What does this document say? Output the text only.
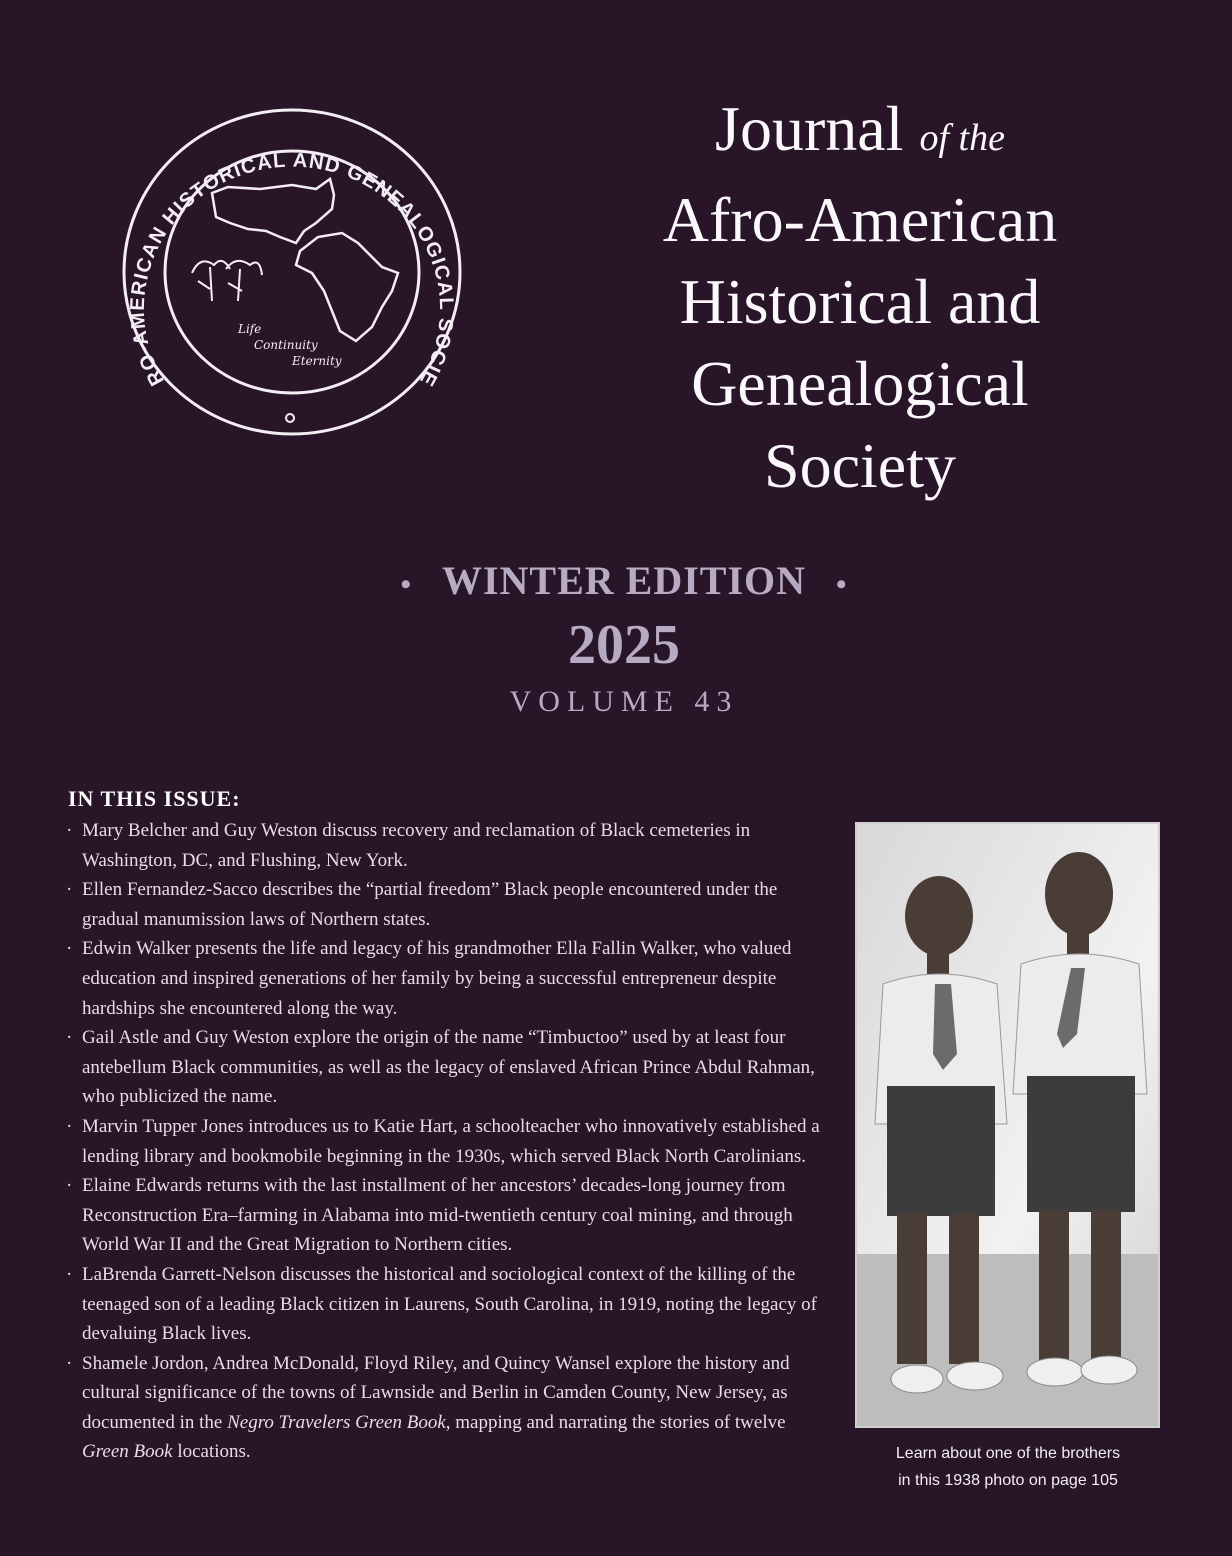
RO-AMERICAN HISTORICAL AND GENEALOGICAL SOCIE
Life
Continuity
Eternity
Journal of the
Afro-American
Historical and
Genealogical
Society
• WINTER EDITION •
2025
VOLUME 43
IN THIS ISSUE:
· Mary Belcher and Guy Weston discuss recovery and reclamation of Black cemeteries in Washington, DC, and Flushing, New York.
· Ellen Fernandez-Sacco describes the “partial freedom” Black people encountered under the gradual manumission laws of Northern states.
· Edwin Walker presents the life and legacy of his grandmother Ella Fallin Walker, who valued education and inspired generations of her family by being a successful entrepreneur despite hardships she encountered along the way.
· Gail Astle and Guy Weston explore the origin of the name “Timbuctoo” used by at least four antebellum Black communities, as well as the legacy of enslaved African Prince Abdul Rahman, who publicized the name.
· Marvin Tupper Jones introduces us to Katie Hart, a schoolteacher who innovatively established a lending library and bookmobile beginning in the 1930s, which served Black North Carolinians.
· Elaine Edwards returns with the last installment of her ancestors’ decades-long journey from Reconstruction Era–farming in Alabama into mid-twentieth century coal mining, and through World War II and the Great Migration to Northern cities.
· LaBrenda Garrett-Nelson discusses the historical and sociological context of the killing of the teenaged son of a leading Black citizen in Laurens, South Carolina, in 1919, noting the legacy of devaluing Black lives.
· Shamele Jordon, Andrea McDonald, Floyd Riley, and Quincy Wansel explore the history and cultural significance of the towns of Lawnside and Berlin in Camden County, New Jersey, as documented in the Negro Travelers Green Book, mapping and narrating the stories of twelve Green Book locations.	Learn about one of the brothers
in this 1938 photo on page 105
